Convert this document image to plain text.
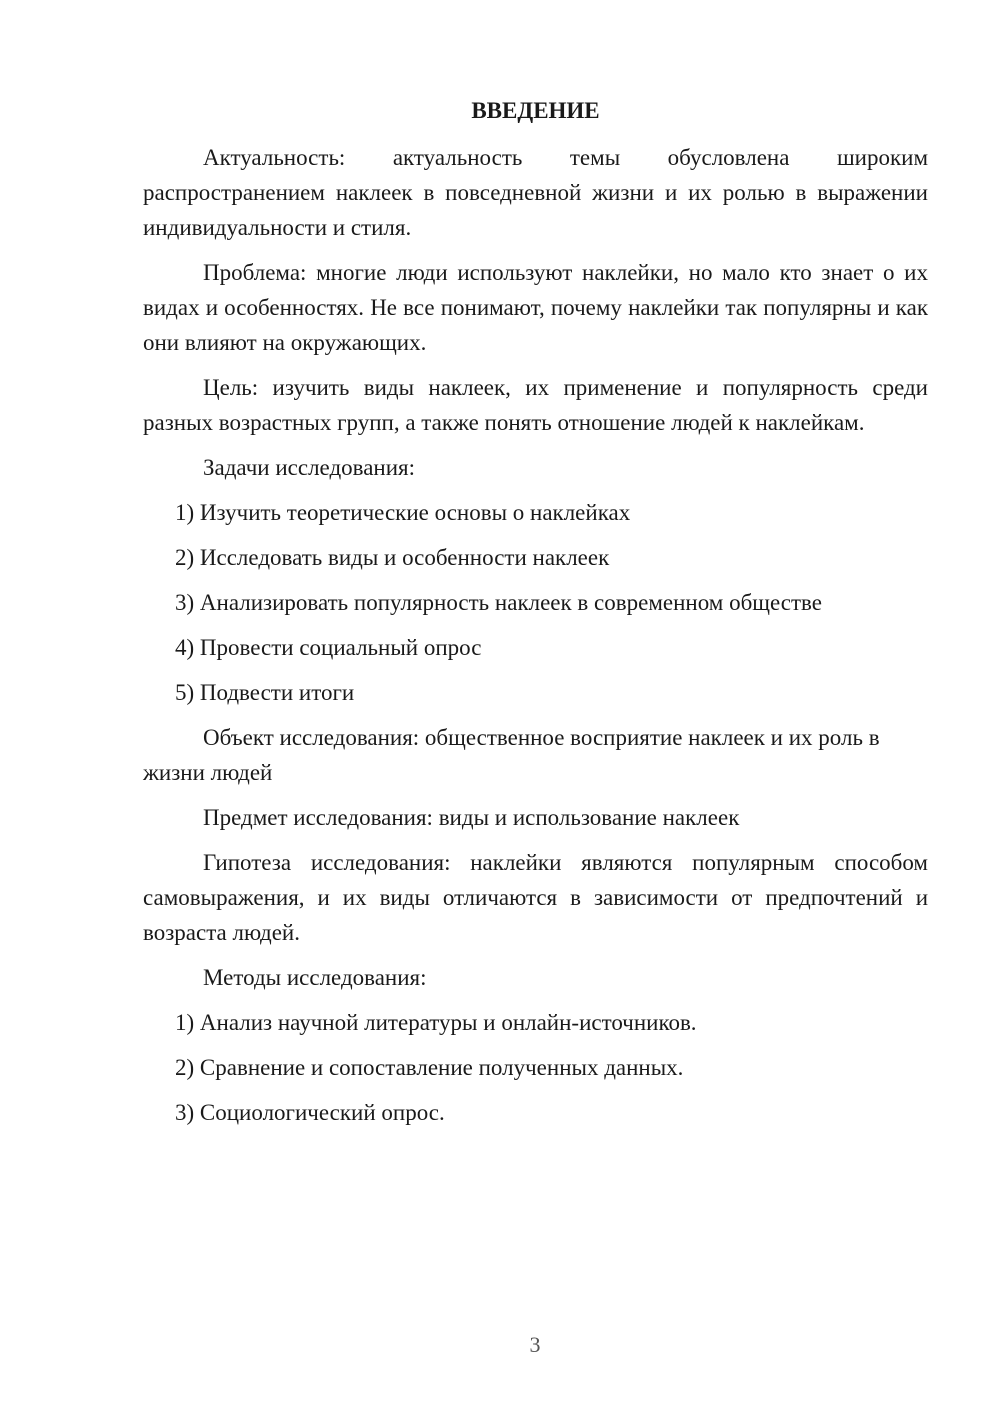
ВВЕДЕНИЕ

Актуальность: актуальность темы обусловлена широким распространением наклеек в повседневной жизни и их ролью в выражении индивидуальности и стиля.

Проблема: многие люди используют наклейки, но мало кто знает о их видах и особенностях. Не все понимают, почему наклейки так популярны и как они влияют на окружающих.

Цель: изучить виды наклеек, их применение и популярность среди разных возрастных групп, а также понять отношение людей к наклейкам.

Задачи исследования:

1) Изучить теоретические основы о наклейках
2) Исследовать виды и особенности наклеек
3) Анализировать популярность наклеек в современном обществе
4) Провести социальный опрос
5) Подвести итоги

Объект исследования: общественное восприятие наклеек и их роль в жизни людей

Предмет исследования: виды и использование наклеек

Гипотеза исследования: наклейки являются популярным способом самовыражения, и их виды отличаются в зависимости от предпочтений и возраста людей.

Методы исследования:

1) Анализ научной литературы и онлайн-источников.
2) Сравнение и сопоставление полученных данных.
3) Социологический опрос.
3
